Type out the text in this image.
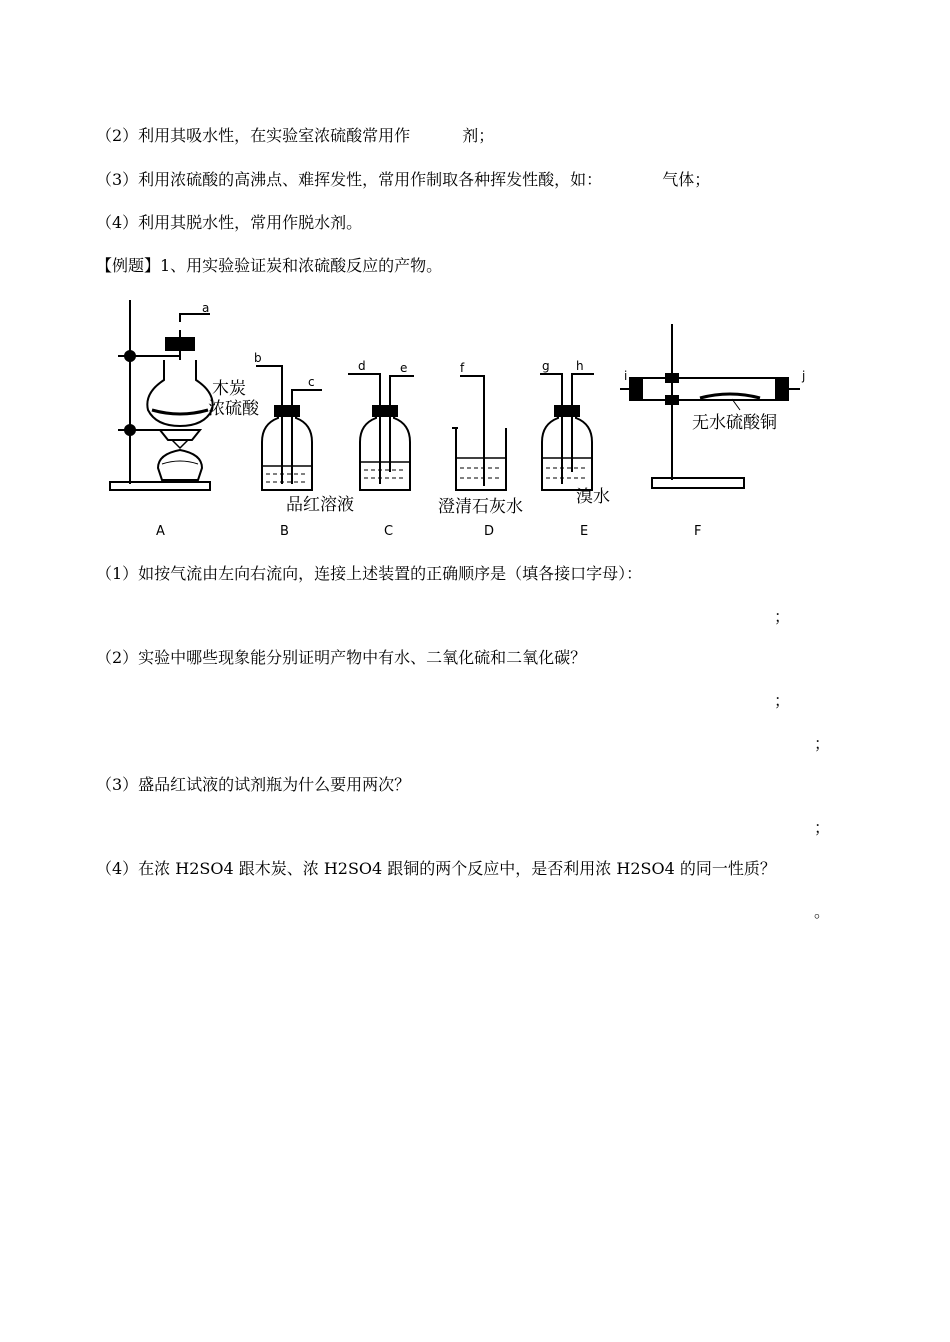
（2）利用其吸水性，在实验室浓硫酸常用作	剂；
（3）利用浓硫酸的高沸点、难挥发性，常用作制取各种挥发性酸，如：	气体；
（4）利用其脱水性，常用作脱水剂。
【例题】1、用实验验证炭和浓硫酸反应的产物。
a
b
c
d	e	f	g h
i	j
木炭
浓硫酸
品红溶液	澄清石灰水	溴水
无水硫酸铜
A	B	C	D	E	F
（1）如按气流由左向右流向，连接上述装置的正确顺序是（填各接口字母）：
；
（2）实验中哪些现象能分别证明产物中有水、二氧化硫和二氧化碳？
；
；
（3）盛品红试液的试剂瓶为什么要用两次？
；
（4）在浓 H2SO4 跟木炭、浓 H2SO4 跟铜的两个反应中，是否利用浓 H2SO4 的同一性质？
。
